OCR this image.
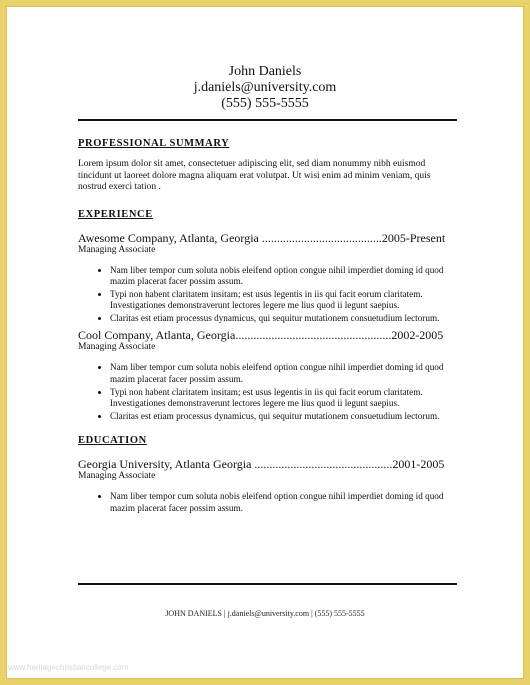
John Daniels
j.daniels@university.com
(555) 555-5555
PROFESSIONAL SUMMARY
Lorem ipsum dolor sit amet, consectetuer adipiscing elit, sed diam nonummy nibh euismod tincidunt ut laoreet dolore magna aliquam erat volutpat. Ut wisi enim ad minim veniam, quis nostrud exerci tation .
EXPERIENCE
Awesome Company, Atlanta, Georgia ........................................2005-Present
Managing Associate
• Nam liber tempor cum soluta nobis eleifend option congue nihil imperdiet doming id quod mazim placerat facer possim assum.
• Typi non habent claritatem insitam; est usus legentis in iis qui facit eorum claritatem. Investigationes demonstraverunt lectores legere me lius quod ii legunt saepius.
• Claritas est etiam processus dynamicus, qui sequitur mutationem consuetudium lectorum.
Cool Company, Atlanta, Georgia....................................................2002-2005
Managing Associate
• Nam liber tempor cum soluta nobis eleifend option congue nihil imperdiet doming id quod mazim placerat facer possim assum.
• Typi non habent claritatem insitam; est usus legentis in iis qui facit eorum claritatem. Investigationes demonstraverunt lectores legere me lius quod ii legunt saepius.
• Claritas est etiam processus dynamicus, qui sequitur mutationem consuetudium lectorum.
EDUCATION
Georgia University, Atlanta Georgia ..............................................2001-2005
Managing Associate
• Nam liber tempor cum soluta nobis eleifend option congue nihil imperdiet doming id quod mazim placerat facer possim assum.
JOHN DANIELS | j.daniels@university.com | (555) 555-5555
www.heritagechristiancollege.com
